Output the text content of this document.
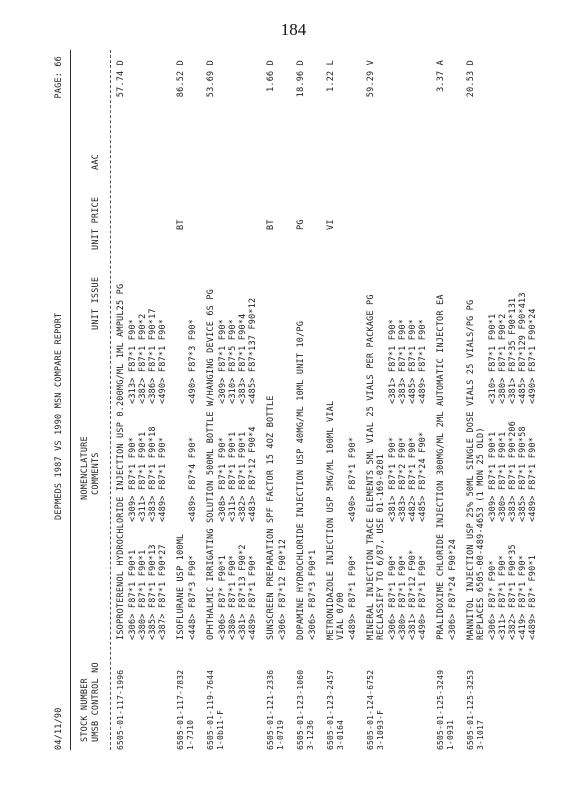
184
04/11/90
DEPMEDS 1987 VS 1990 MSN COMPARE REPORT
PAGE: 66
STOCK NUMBER UMSB CONTROL NO
NOMENCLATURE COMMENTS
UNIT ISSUE
UNIT PRICE
AAC
6505-01-117-1996
ISOPROTERENOL HYDROCHLORIDE INJECTION USP 0.200MG/ML 1ML AMPUL25 PG <306> F87*1 F90*1
<309> F87*1 F90*
<313> F87*1 F90*
<380> F87*1 F90*1
<311> F87*1 F90*1
<382> F87*1 F90*2
<385> F87*1 F90*13
<383> F87*1 F90*18
<386> F87*1 F90*17
<387> F87*1 F90*27
<489> F87*1 F90*
<490> F87*1 F90*
57.74 D
6505-01-117-7832 1-7J10
ISOFLURANE USP 100ML <448> F87*3 F90*
<489> F87*4 F90*
<490> F87*3 F90*
BT
86.52 D
6505-01-119-7644 1-0b11-F
OPHTHALMIC IRRIGATING SOLUTION 500ML BOTTLE W/HANGING DEVICE 6S PG <306> F87* F90*1
<308> F87*1 F90*
<309> F87*1 F90*
<380> F87*1 F90*
<311> F87*1 F90*1
<310> F87*5 F90*
<381> F87*13 F90*2
<382> F87*1 F90*1
<383> F87*1 F90*4
<489> F87*1 F90*
<483> F87*12 F90*4
<485> F87*137 F90*12
53.69 D
6505-01-121-2336 1-0719
SUNSCREEN PREPARATION SPF FACTOR 15 4OZ BOTTLE <306> F87*12 F90*12
BT
1.66 D
6505-01-123-1060 3-1236
DOPAMINE HYDROCHLORIDE INJECTION USP 40MG/ML 10ML UNIT 10/PG <306> F87*3 F90*1
PG
18.96 D
6505-01-123-2457 3-0164
METRONIDAZOLE INJECTION USP 5MG/ML 100ML VIAL VIAL 0/00 <489> F87*1 F90*
<490> F87*1 F90*
VI
1.22 L
6505-01-124-6752 3-1093-F
MINERAL INJECTION TRACE ELEMENTS 5ML VIAL 25 VIALS PER PACKAGE PG RECLASSIFY TO 6/87, USE 01-169-0201 <306> F87*1 F90*
<381> F87*1 F90*
<381> F87*1 F90*
<380> F87*1 F90*
<383> F87*2 F90*
<383> F87*1 F90*
<381> F87*12 F90*
<482> F87*1 F90*
<485> F87*1 F90*
<490> F87*1 F90*
<485> F87*24 F90*
<489> F87*1 F90*
59.29 V
6505-01-125-3249 1-0931
PRALIDOXIME CHLORIDE INJECTION 300MG/ML 2ML AUTOMATIC INJECTOR EA <306> F87*24 F90*24
3.37 A
6505-01-125-3253 3-1017
MANNITOL INJECTION USP 25% 50ML SINGLE DOSE VIALS 25 VIALS/PG PG REPLACES 6505-00-489-4653 (1 MON 25 OLD) <306> F87* F90*
<309> F87*1 F90*1
<310> F87*1 F90*1
<311> F87*1 F90*
<380> F87*1 F90*1
<380> F87*1 F90*2
<382> F87*1 F90*35
<383> F87*1 F90*206
<381> F87*35 F90*131
<419> F87*1 F90*
<385> F87*1 F90*58
<485> F87*129 F90*413
<489> F87* F90*1
<489> F87*1 F90*
<490> F87*1 F90*24
20.53 D
